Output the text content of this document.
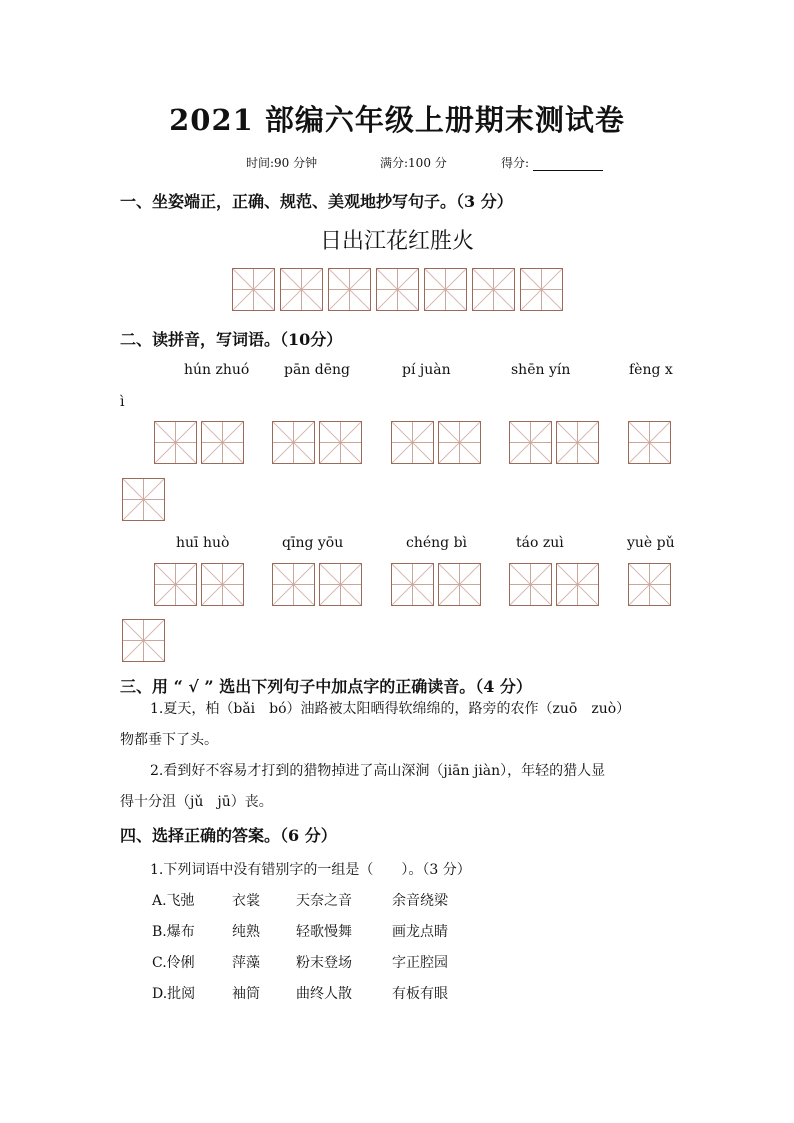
2021 部编六年级上册期末测试卷
时间:90 分钟	满分:100 分	得分:
一、坐姿端正，正确、规范、美观地抄写句子。（3 分）
日出江花红胜火
二、读拼音，写词语。（10分）
hún zhuó pān dēng	pí juàn	shēn yín	fèng x
ì
huī huò	qīng yōu	chéng bì	táo zuì	yuè pǔ
三、用 “ √ ” 选出下列句子中加点字的正确读音。（4 分）
1.夏天，柏（bǎi　bó）油路被太阳晒得软绵绵的，路旁的农作（zuō　zuò）
物都垂下了头。
2.看到好不容易才打到的猎物掉进了高山深涧（jiān jiàn），年轻的猎人显
得十分沮（jǔ　jū）丧。
四、选择正确的答案。（6 分）
1.下列词语中没有错别字的一组是（　　）。（3 分）
A.飞弛	衣裳	天奈之音	余音绕梁
B.爆布	纯熟	轻歌慢舞	画龙点睛
C.伶俐	萍藻	粉末登场	字正腔园
D.批阅	袖筒	曲终人散	有板有眼
